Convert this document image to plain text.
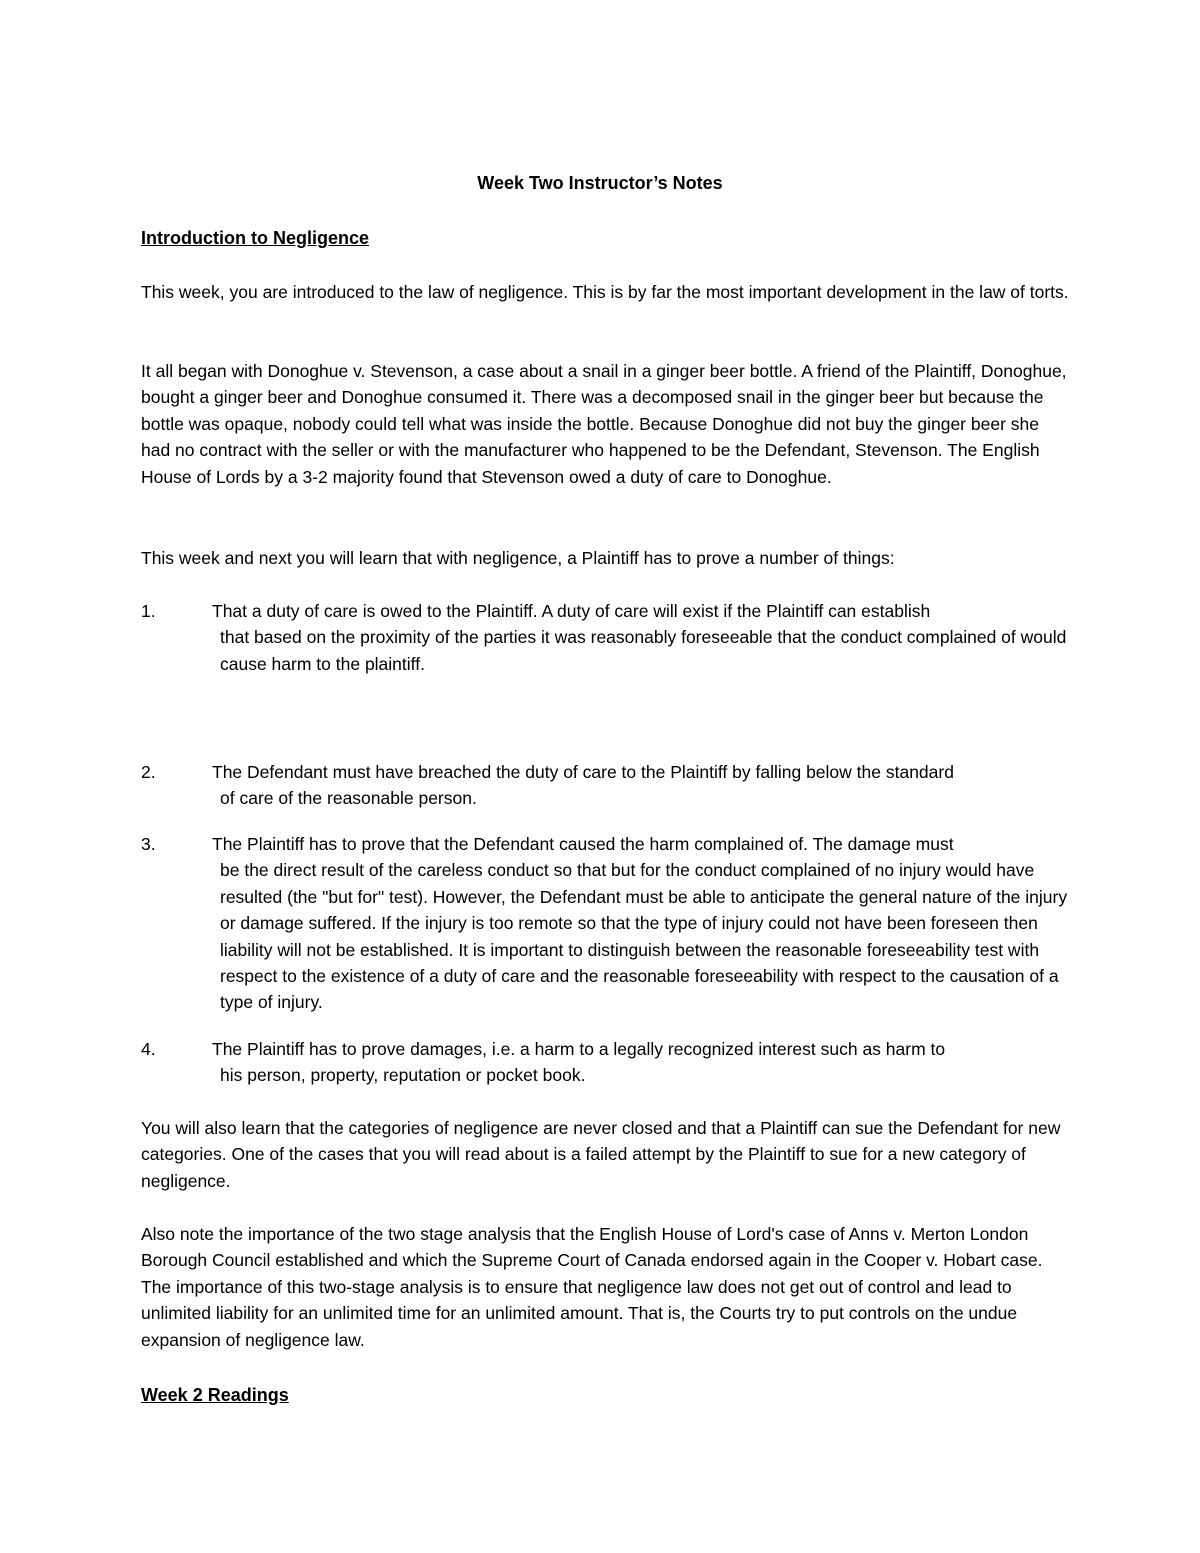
Week Two Instructor’s Notes
Introduction to Negligence

This week, you are introduced to the law of negligence. This is by far the most important development in the law of torts.

It all began with Donoghue v. Stevenson, a case about a snail in a ginger beer bottle. A friend of the Plaintiff, Donoghue, bought a ginger beer and Donoghue consumed it. There was a decomposed snail in the ginger beer but because the bottle was opaque, nobody could tell what was inside the bottle. Because Donoghue did not buy the ginger beer she had no contract with the seller or with the manufacturer who happened to be the Defendant, Stevenson. The English House of Lords by a 3-2 majority found that Stevenson owed a duty of care to Donoghue.

This week and next you will learn that with negligence, a Plaintiff has to prove a number of things:

1.	That a duty of care is owed to the Plaintiff. A duty of care will exist if the Plaintiff can establish
that based on the proximity of the parties it was reasonably foreseeable that the conduct complained of would cause harm to the plaintiff.
2.	The Defendant must have breached the duty of care to the Plaintiff by falling below the standard
of care of the reasonable person.
3.	The Plaintiff has to prove that the Defendant caused the harm complained of. The damage must
be the direct result of the careless conduct so that but for the conduct complained of no injury would have resulted (the "but for" test). However, the Defendant must be able to anticipate the general nature of the injury or damage suffered. If the injury is too remote so that the type of injury could not have been foreseen then liability will not be established. It is important to distinguish between the reasonable foreseeability test with respect to the existence of a duty of care and the reasonable foreseeability with respect to the causation of a type of injury.
4.	The Plaintiff has to prove damages, i.e. a harm to a legally recognized interest such as harm to
his person, property, reputation or pocket book.

You will also learn that the categories of negligence are never closed and that a Plaintiff can sue the Defendant for new categories. One of the cases that you will read about is a failed attempt by the Plaintiff to sue for a new category of negligence.

Also note the importance of the two stage analysis that the English House of Lord's case of Anns v. Merton London Borough Council established and which the Supreme Court of Canada endorsed again in the Cooper v. Hobart case. The importance of this two-stage analysis is to ensure that negligence law does not get out of control and lead to unlimited liability for an unlimited time for an unlimited amount. That is, the Courts try to put controls on the undue expansion of negligence law.

Week 2 Readings
